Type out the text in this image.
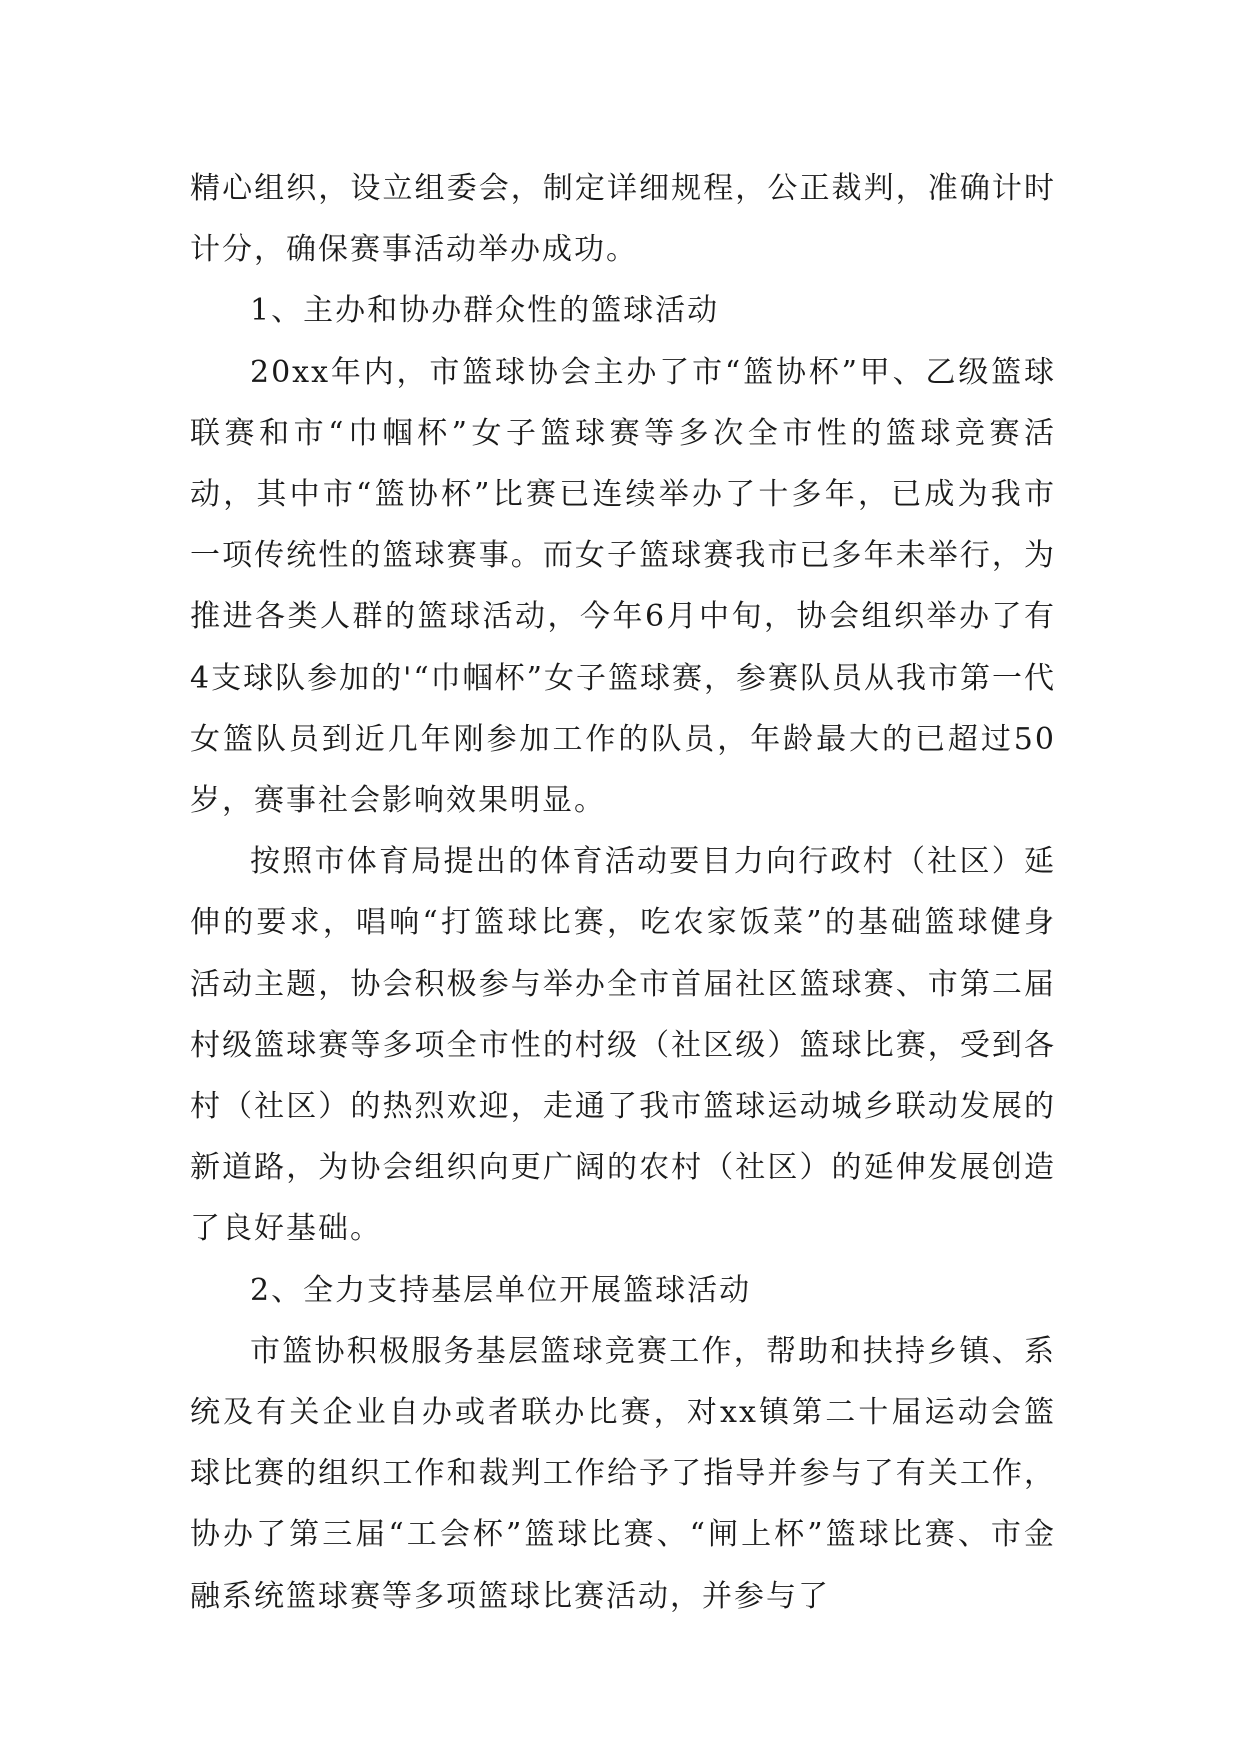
精心组织，设立组委会，制定详细规程，公正裁判，准确计时计分，确保赛事活动举办成功。

1、主办和协办群众性的篮球活动

20xx年内，市篮球协会主办了市“篮协杯”甲、乙级篮球联赛和市“巾帼杯”女子篮球赛等多次全市性的篮球竞赛活动，其中市“篮协杯”比赛已连续举办了十多年，已成为我市一项传统性的篮球赛事。而女子篮球赛我市已多年未举行，为推进各类人群的篮球活动，今年6月中旬，协会组织举办了有4支球队参加的'“巾帼杯”女子篮球赛，参赛队员从我市第一代女篮队员到近几年刚参加工作的队员，年龄最大的已超过50岁，赛事社会影响效果明显。

按照市体育局提出的体育活动要目力向行政村（社区）延伸的要求，唱响“打篮球比赛，吃农家饭菜”的基础篮球健身活动主题，协会积极参与举办全市首届社区篮球赛、市第二届村级篮球赛等多项全市性的村级（社区级）篮球比赛，受到各村（社区）的热烈欢迎，走通了我市篮球运动城乡联动发展的新道路，为协会组织向更广阔的农村（社区）的延伸发展创造了良好基础。

2、全力支持基层单位开展篮球活动

市篮协积极服务基层篮球竞赛工作，帮助和扶持乡镇、系统及有关企业自办或者联办比赛，对xx镇第二十届运动会篮球比赛的组织工作和裁判工作给予了指导并参与了有关工作，协办了第三届“工会杯”篮球比赛、“闸上杯”篮球比赛、市金融系统篮球赛等多项篮球比赛活动，并参与了
